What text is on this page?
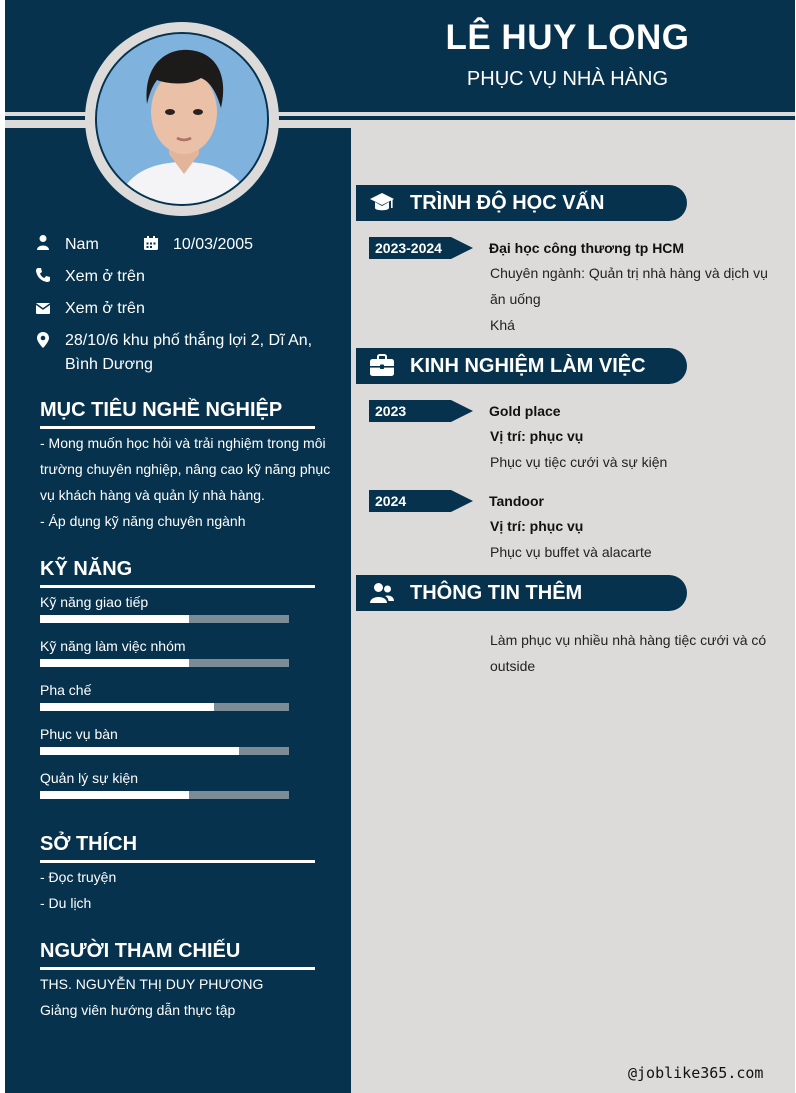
Nam	10/03/2005
Xem ở trên
Xem ở trên
28/10/6 khu phố thắng lợi 2, Dĩ An,
Bình Dương
MỤC TIÊU NGHỀ NGHIỆP
- Mong muốn học hỏi và trải nghiệm trong môi
trường chuyên nghiệp, nâng cao kỹ năng phục
vụ khách hàng và quản lý nhà hàng.
- Áp dụng kỹ năng chuyên ngành
KỸ NĂNG
Kỹ năng giao tiếp
Kỹ năng làm việc nhóm
Pha chế
Phục vụ bàn
Quản lý sự kiện
SỞ THÍCH
- Đọc truyện
- Du lịch
NGƯỜI THAM CHIẾU
THS. NGUYỄN THỊ DUY PHƯƠNG
Giảng viên hướng dẫn thực tập
LÊ HUY LONG
PHỤC VỤ NHÀ HÀNG
TRÌNH ĐỘ HỌC VẤN
2023-2024	Đại học công thương tp HCM
Chuyên ngành: Quản trị nhà hàng và dịch vụ
ăn uống
Khá
KINH NGHIỆM LÀM VIỆC
2023	Gold place
Vị trí: phục vụ
Phục vụ tiệc cưới và sự kiện
2024	Tandoor
Vị trí: phục vụ
Phục vụ buffet và alacarte
THÔNG TIN THÊM
Làm phục vụ nhiều nhà hàng tiệc cưới và có
outside
@joblike365.com
